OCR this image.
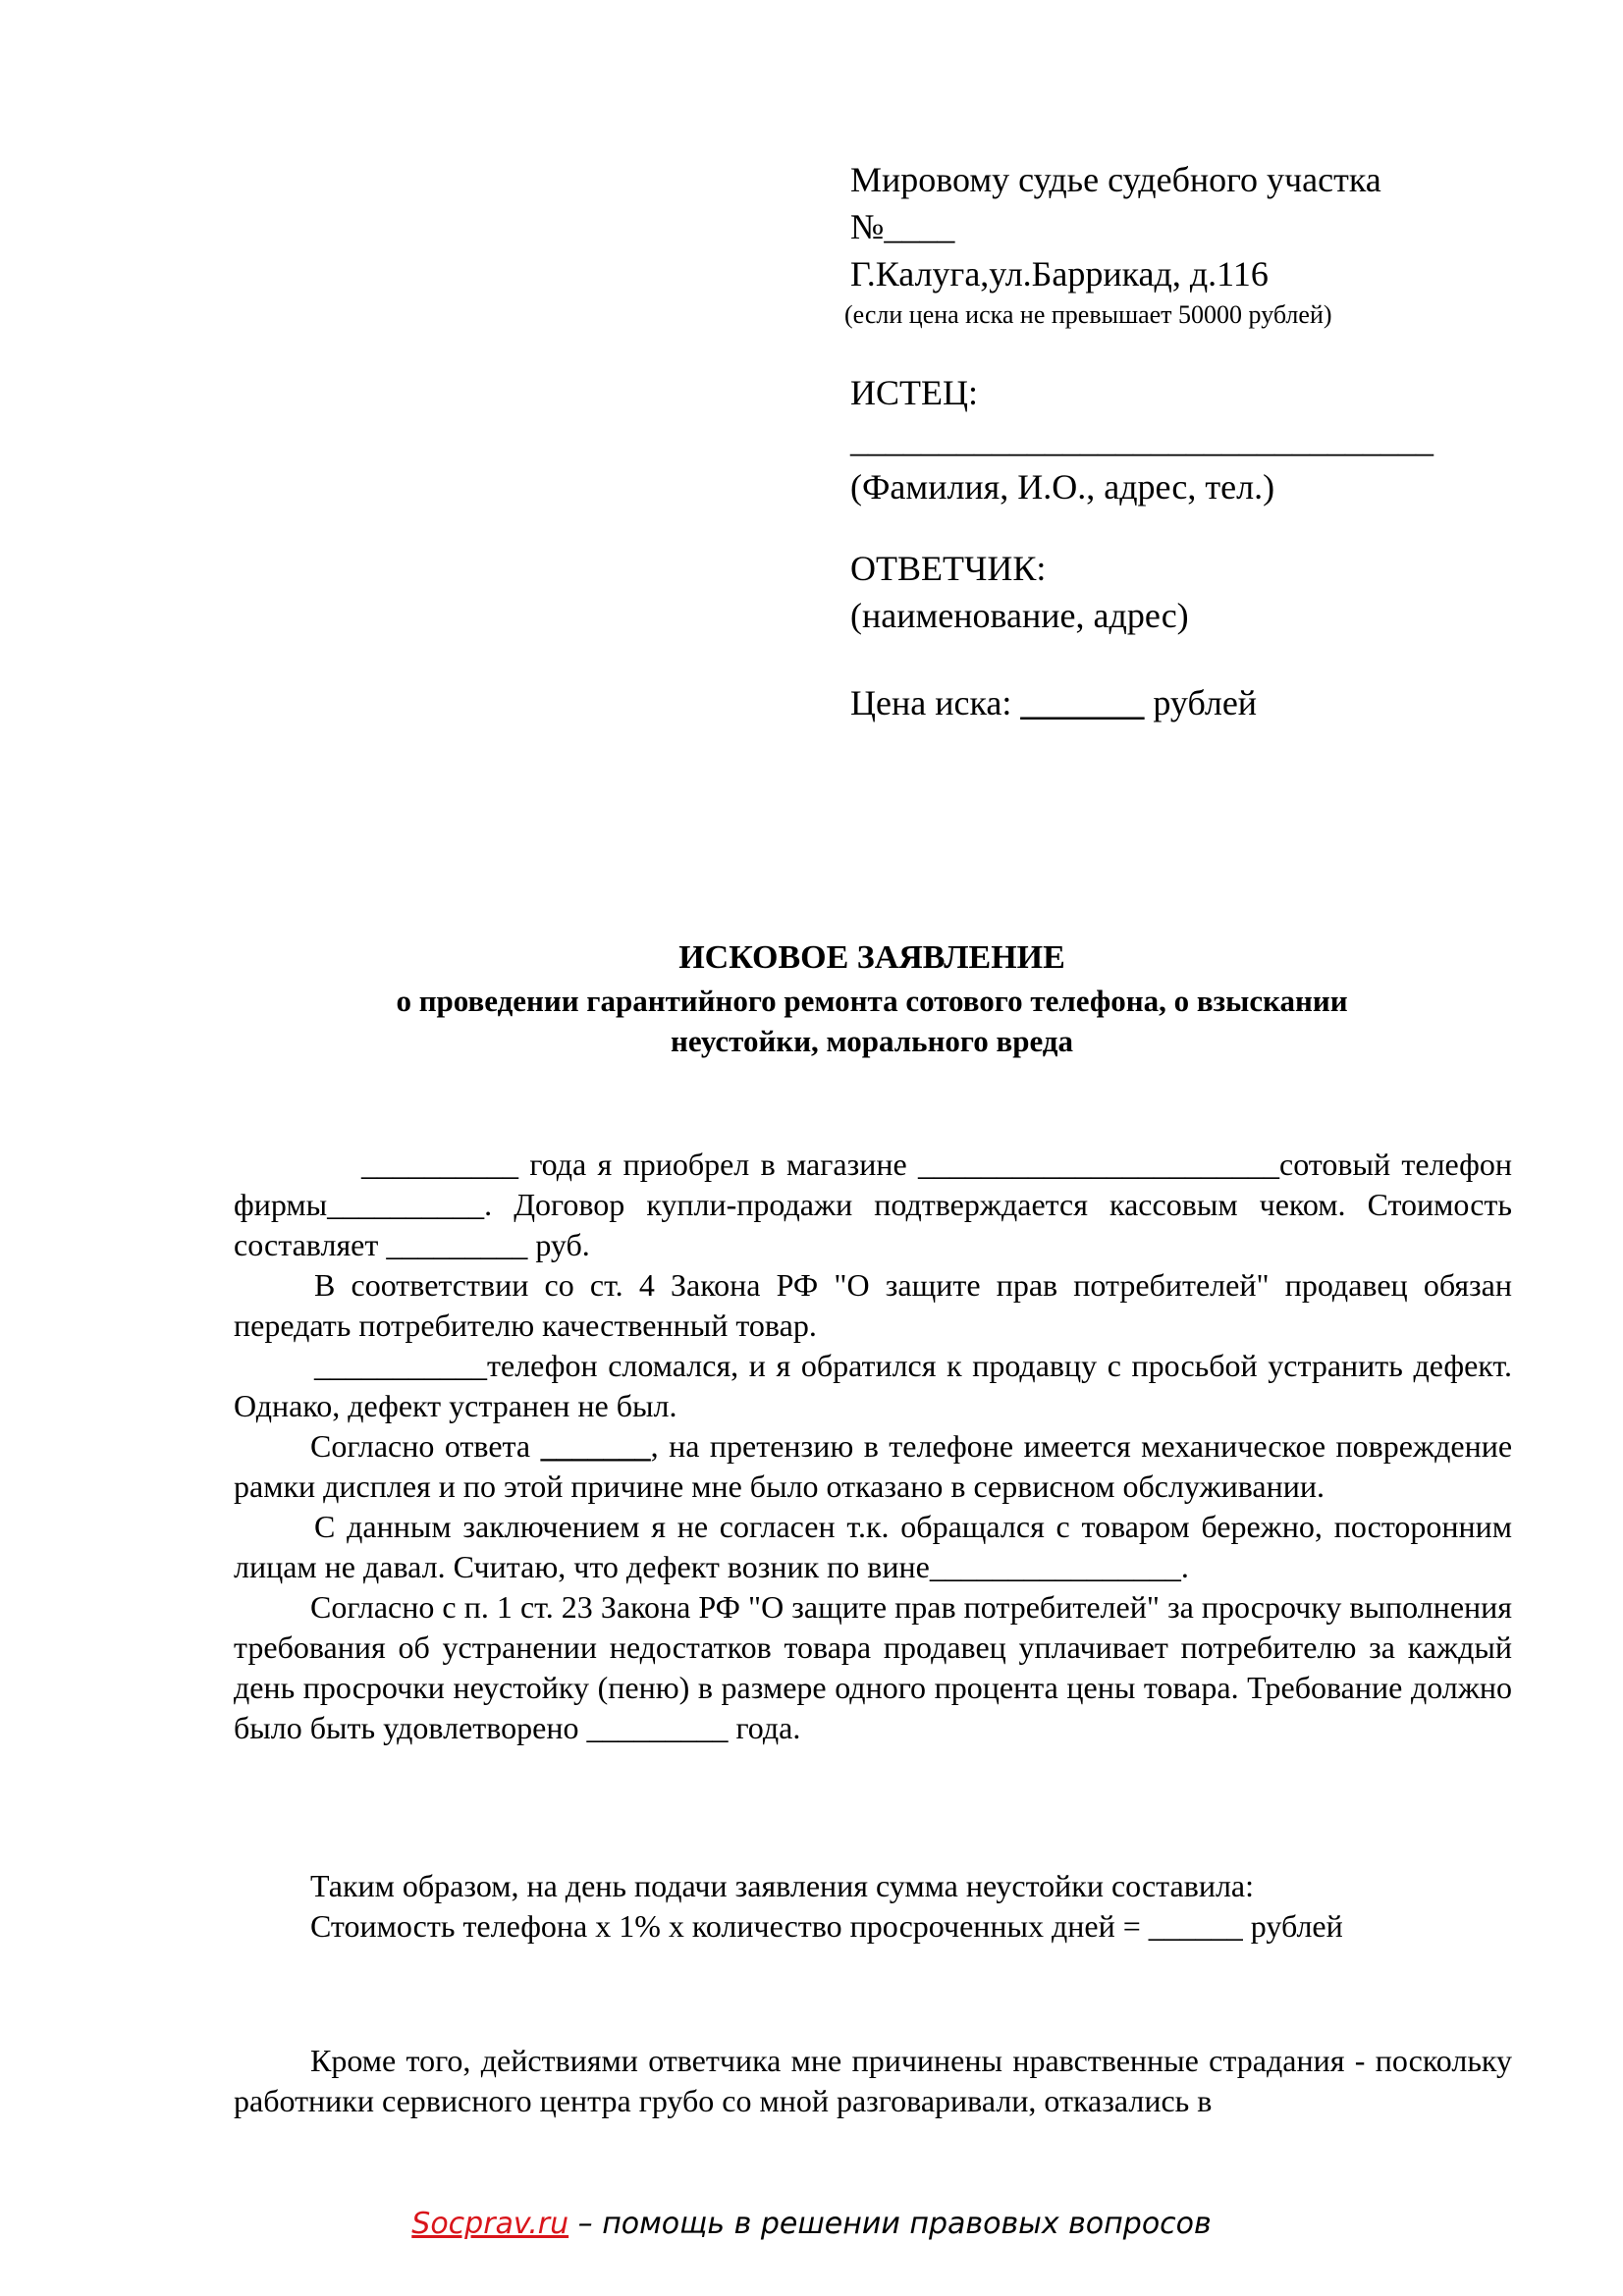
Мировому судье судебного участка
№____
Г.Калуга,ул.Баррикад, д.116
(если цена иска не превышает 50000 рублей)
ИСТЕЦ:
_________________________________
(Фамилия, И.О., адрес, тел.)
ОТВЕТЧИК:
(наименование, адрес)
Цена иска: _______ рублей
ИСКОВОЕ ЗАЯВЛЕНИЕ
о проведении гарантийного ремонта сотового телефона, о взыскании
неустойки, морального вреда

__________ года я приобрел в магазине _______________________сотовый телефон фирмы__________. Договор купли-продажи подтверждается кассовым чеком. Стоимость составляет _________ руб.

В соответствии со ст. 4 Закона РФ "О защите прав потребителей" продавец обязан передать потребителю качественный товар.

___________телефон сломался, и я обратился к продавцу с просьбой устранить дефект. Однако, дефект устранен не был.

Согласно ответа _______, на претензию в телефоне имеется механическое повреждение рамки дисплея и по этой причине мне было отказано в сервисном обслуживании.

С данным заключением я не согласен т.к. обращался с товаром бережно, посторонним лицам не давал. Считаю, что дефект возник по вине________________.

Согласно с п. 1 ст. 23 Закона РФ "О защите прав потребителей" за просрочку выполнения требования об устранении недостатков товара продавец уплачивает потребителю за каждый день просрочки неустойку (пеню) в размере одного процента цены товара. Требование должно было быть удовлетворено _________ года.

Таким образом, на день подачи заявления сумма неустойки составила:
Стоимость телефона х 1% х количество просроченных дней = ______ рублей

Кроме того, действиями ответчика мне причинены нравственные страдания - поскольку работники сервисного центра грубо со мной разговаривали, отказались в

Socprav.ru – помощь в решении правовых вопросов
